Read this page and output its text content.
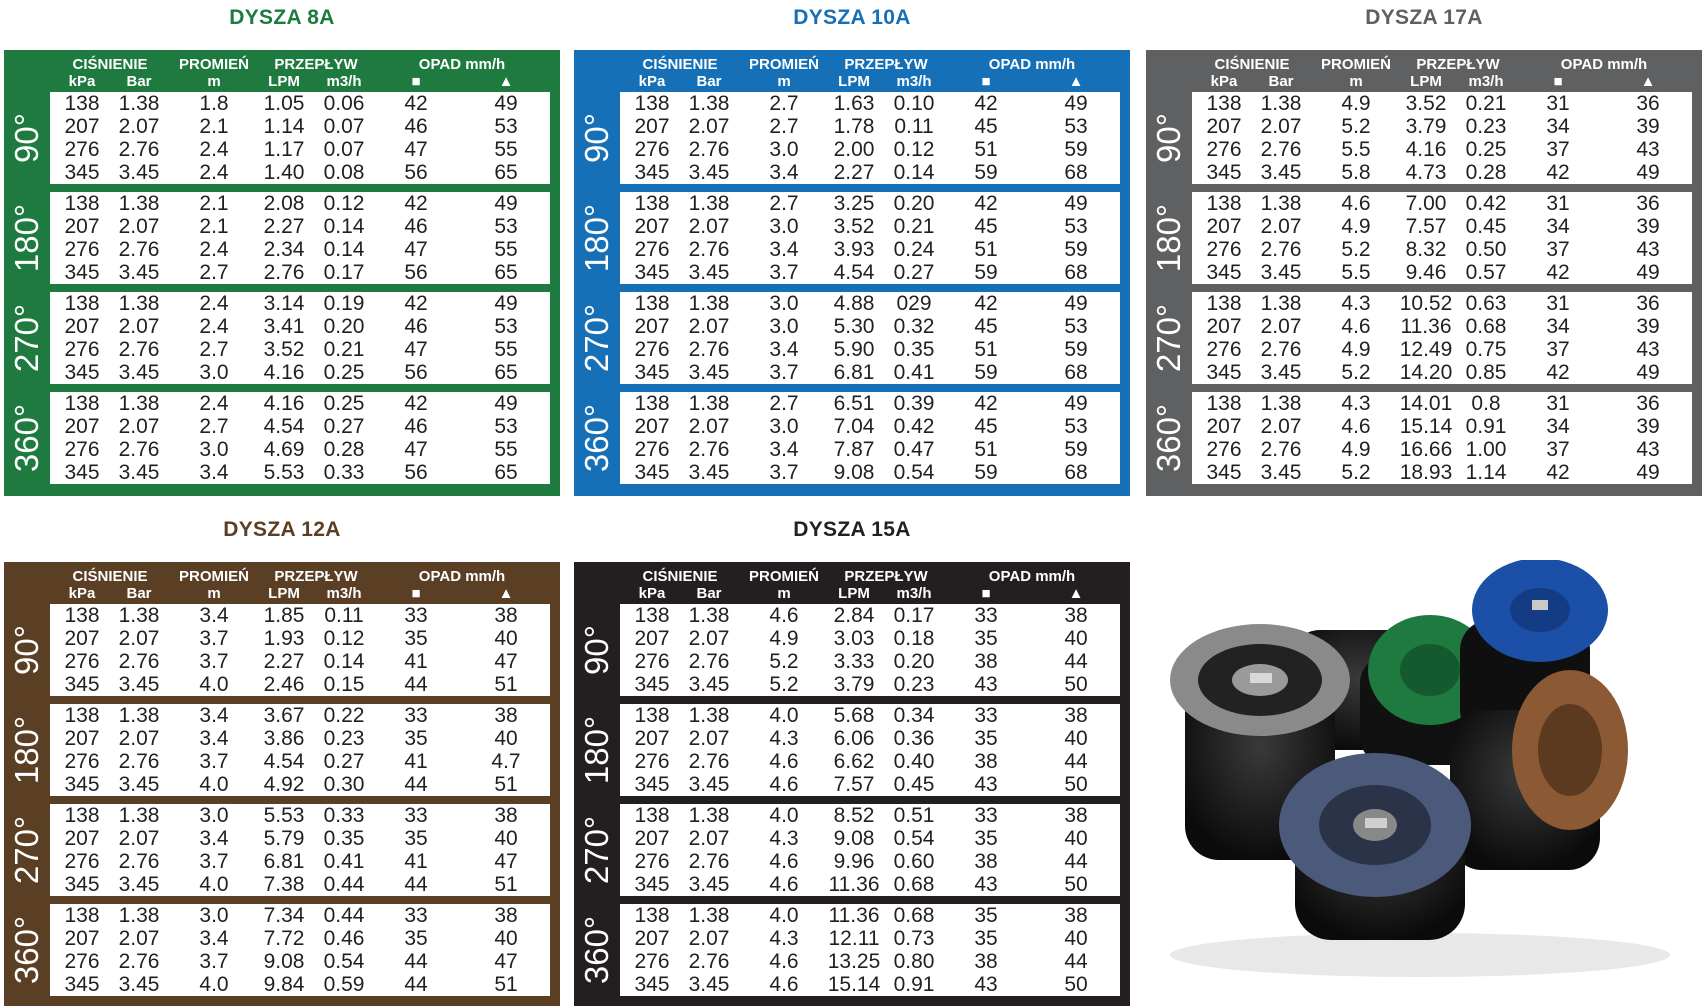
DYSZA 8A
CIŚNIENIE	PROMIEŃ	PRZEPŁYW	OPAD mm/h
kPa	Bar	m	LPM	m3/h	■	▲
90°
138 1.38	1.8	1.05 0.06	42	49
207 2.07	2.1	1.14 0.07	46	53
276 2.76	2.4	1.17 0.07	47	55
345 3.45	2.4	1.40 0.08	56	65
180°
138 1.38	2.1	2.08 0.12	42	49
207 2.07	2.1	2.27 0.14	46	53
276 2.76	2.4	2.34 0.14	47	55
345 3.45	2.7	2.76 0.17	56	65
270°
138 1.38	2.4	3.14 0.19	42	49
207 2.07	2.4	3.41 0.20	46	53
276 2.76	2.7	3.52 0.21	47	55
345 3.45	3.0	4.16 0.25	56	65
360°
138 1.38	2.4	4.16 0.25	42	49
207 2.07	2.7	4.54 0.27	46	53
276 2.76	3.0	4.69 0.28	47	55
345 3.45	3.4	5.53 0.33	56	65
DYSZA 10A
CIŚNIENIE	PROMIEŃ	PRZEPŁYW	OPAD mm/h
kPa	Bar	m	LPM	m3/h	■	▲
90°
138 1.38	2.7	1.63 0.10	42	49
207 2.07	2.7	1.78 0.11	45	53
276 2.76	3.0	2.00 0.12	51	59
345 3.45	3.4	2.27 0.14	59	68
180°
138 1.38	2.7	3.25 0.20	42	49
207 2.07	3.0	3.52 0.21	45	53
276 2.76	3.4	3.93 0.24	51	59
345 3.45	3.7	4.54 0.27	59	68
270°
138 1.38	3.0	4.88	029	42	49
207 2.07	3.0	5.30 0.32	45	53
276 2.76	3.4	5.90 0.35	51	59
345 3.45	3.7	6.81 0.41	59	68
360°
138 1.38	2.7	6.51 0.39	42	49
207 2.07	3.0	7.04 0.42	45	53
276 2.76	3.4	7.87 0.47	51	59
345 3.45	3.7	9.08 0.54	59	68
DYSZA 17A
CIŚNIENIE	PROMIEŃ	PRZEPŁYW	OPAD mm/h
kPa	Bar	m	LPM	m3/h	■	▲
90°
138 1.38	4.9	3.52 0.21	31	36
207 2.07	5.2	3.79 0.23	34	39
276 2.76	5.5	4.16 0.25	37	43
345 3.45	5.8	4.73 0.28	42	49
180°
138 1.38	4.6	7.00 0.42	31	36
207 2.07	4.9	7.57 0.45	34	39
276 2.76	5.2	8.32 0.50	37	43
345 3.45	5.5	9.46 0.57	42	49
270°
138 1.38	4.3	10.52 0.63	31	36
207 2.07	4.6	11.36 0.68	34	39
276 2.76	4.9	12.49 0.75	37	43
345 3.45	5.2	14.20 0.85	42	49
360°
138 1.38	4.3	14.01 0.8	31	36
207 2.07	4.6	15.14 0.91	34	39
276 2.76	4.9	16.66 1.00	37	43
345 3.45	5.2	18.93 1.14	42	49
DYSZA 12A
CIŚNIENIE	PROMIEŃ	PRZEPŁYW	OPAD mm/h
kPa	Bar	m	LPM	m3/h	■	▲
90°
138 1.38	3.4	1.85 0.11	33	38
207 2.07	3.7	1.93 0.12	35	40
276 2.76	3.7	2.27 0.14	41	47
345 3.45	4.0	2.46 0.15	44	51
180°
138 1.38	3.4	3.67 0.22	33	38
207 2.07	3.4	3.86 0.23	35	40
276 2.76	3.7	4.54 0.27	41	4.7
345 3.45	4.0	4.92 0.30	44	51
270°
138 1.38	3.0	5.53 0.33	33	38
207 2.07	3.4	5.79 0.35	35	40
276 2.76	3.7	6.81 0.41	41	47
345 3.45	4.0	7.38 0.44	44	51
360°
138 1.38	3.0	7.34 0.44	33	38
207 2.07	3.4	7.72 0.46	35	40
276 2.76	3.7	9.08 0.54	44	47
345 3.45	4.0	9.84 0.59	44	51
DYSZA 15A
CIŚNIENIE	PROMIEŃ	PRZEPŁYW	OPAD mm/h
kPa	Bar	m	LPM	m3/h	■	▲
90°
138 1.38	4.6	2.84 0.17	33	38
207 2.07	4.9	3.03 0.18	35	40
276 2.76	5.2	3.33 0.20	38	44
345 3.45	5.2	3.79 0.23	43	50
180°
138 1.38	4.0	5.68 0.34	33	38
207 2.07	4.3	6.06 0.36	35	40
276 2.76	4.6	6.62 0.40	38	44
345 3.45	4.6	7.57 0.45	43	50
270°
138 1.38	4.0	8.52 0.51	33	38
207 2.07	4.3	9.08 0.54	35	40
276 2.76	4.6	9.96 0.60	38	44
345 3.45	4.6	11.36 0.68	43	50
360°
138 1.38	4.0	11.36 0.68	35	38
207 2.07	4.3	12.11 0.73	35	40
276 2.76	4.6	13.25 0.80	38	44
345 3.45	4.6	15.14 0.91	43	50
